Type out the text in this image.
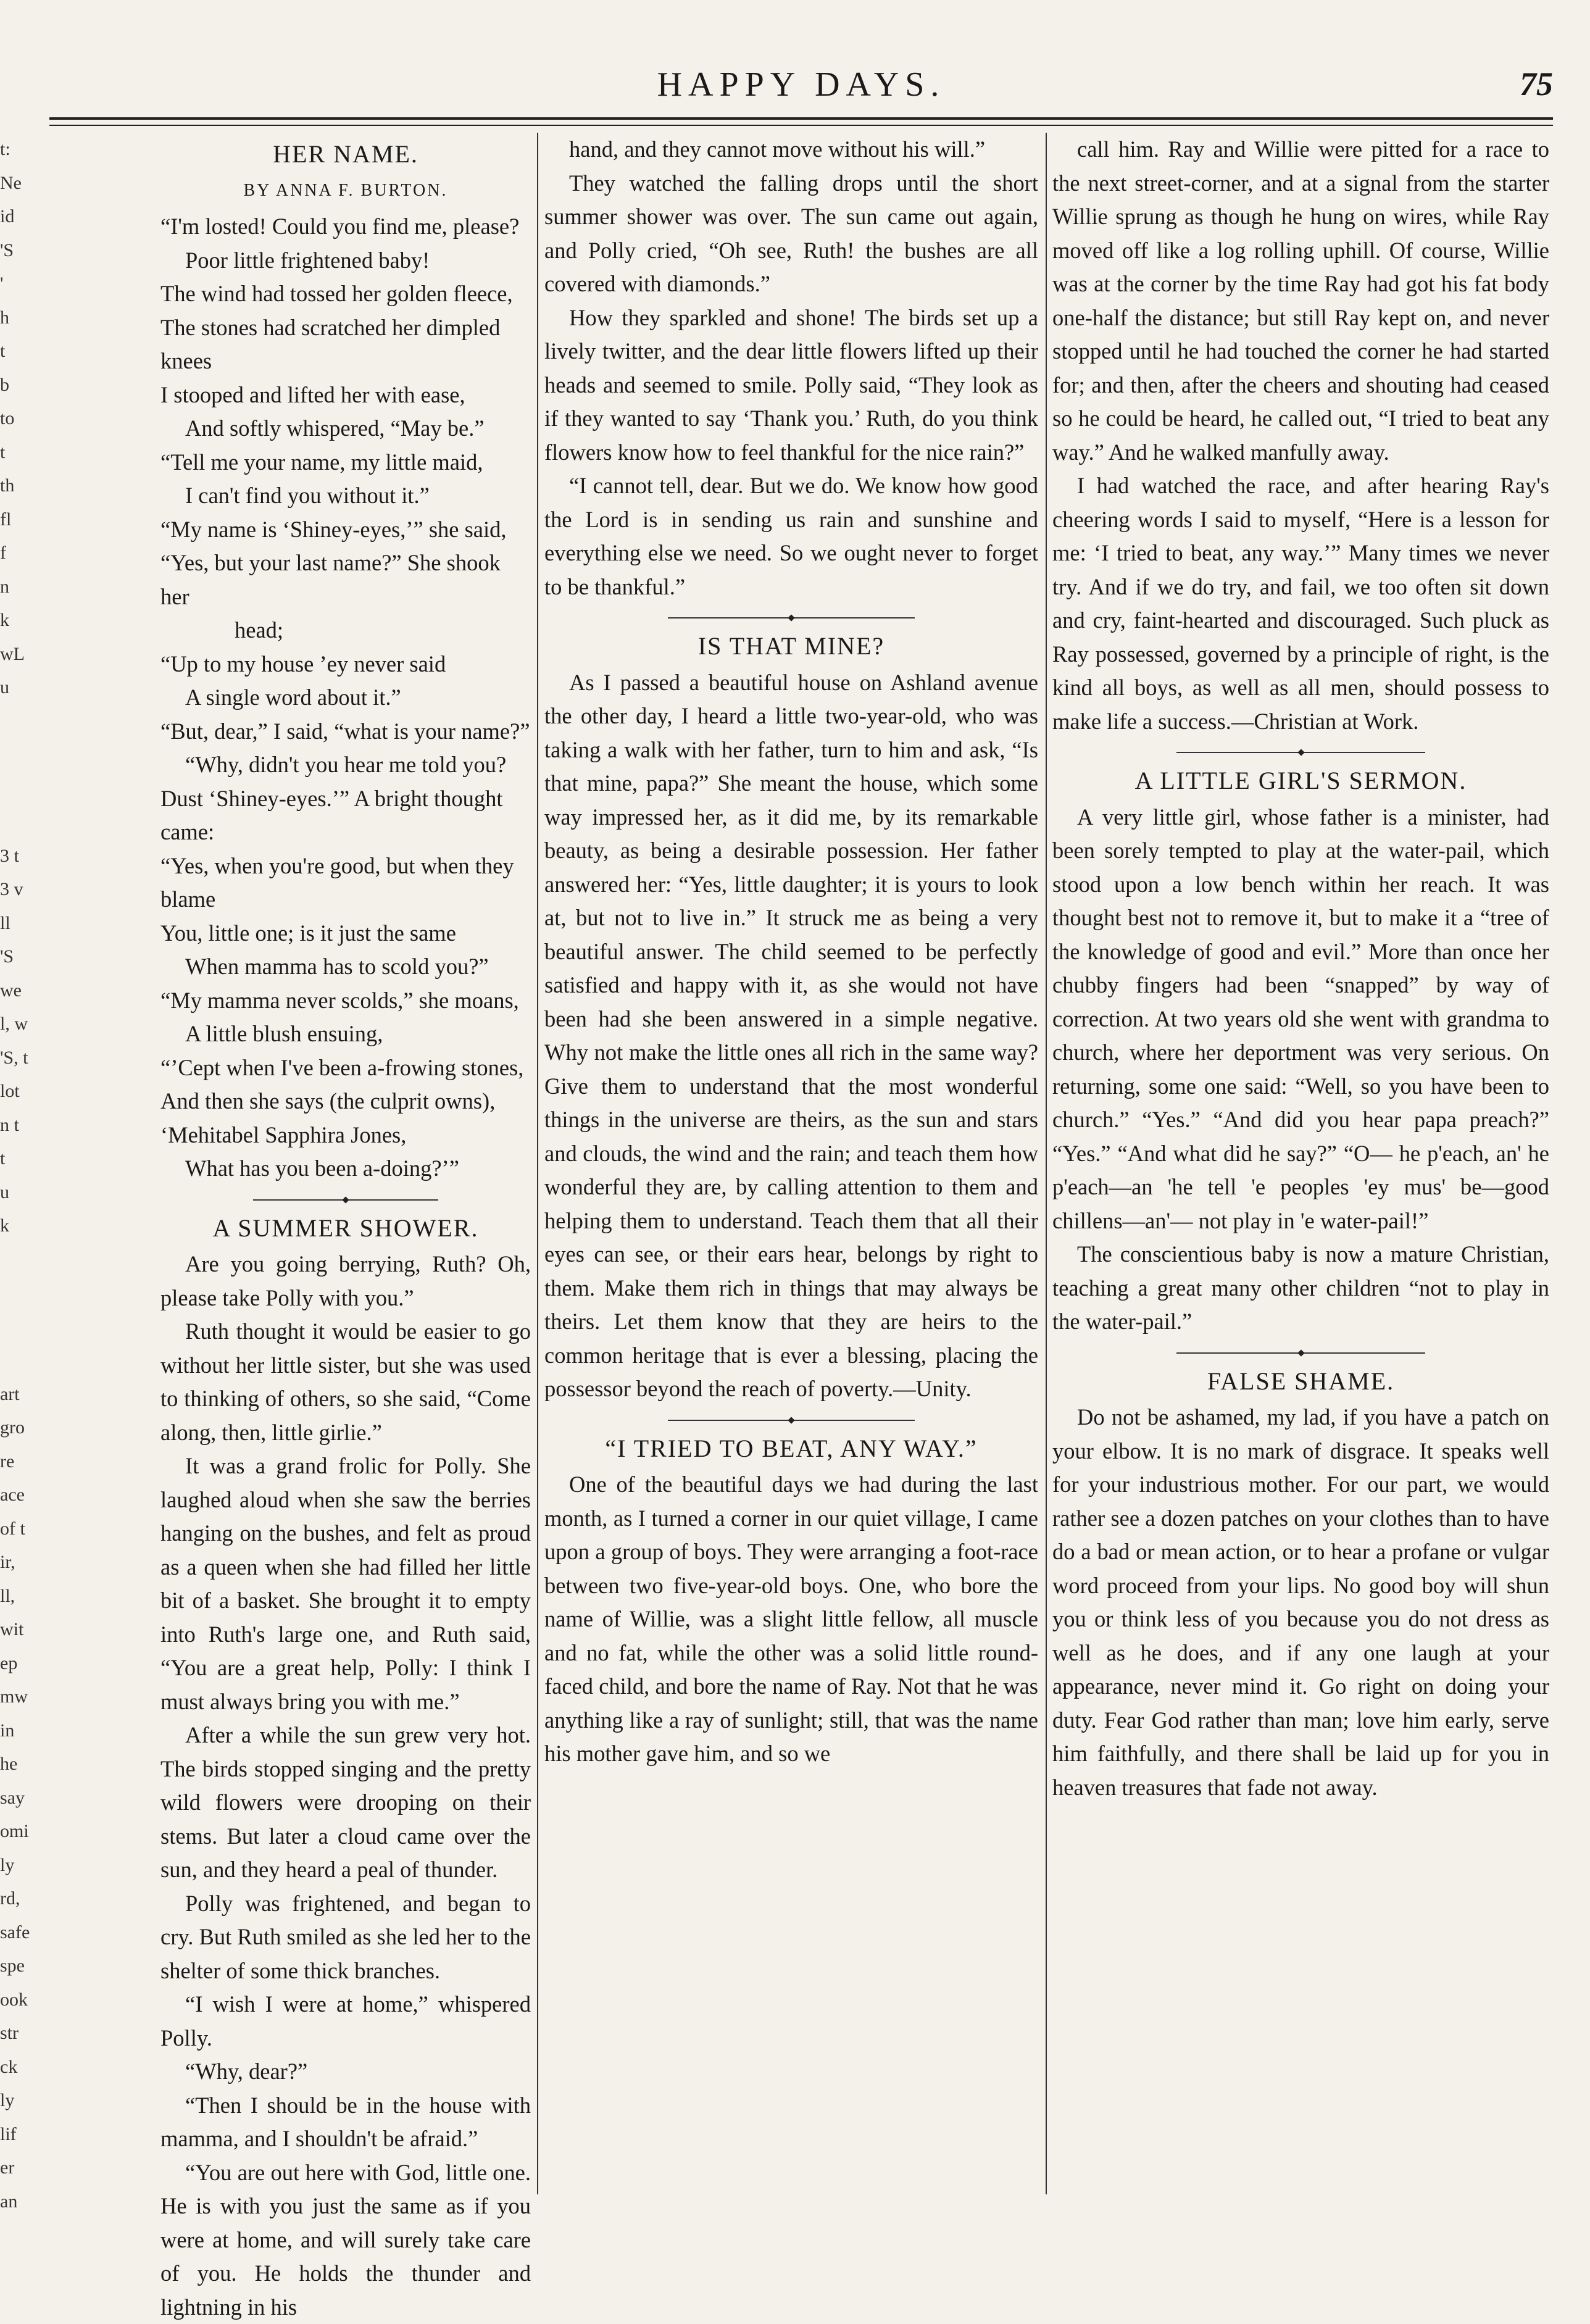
HAPPY DAYS.	75
t:
Ne
id
'S
'
h
t
b
to
t
th
fl
f
n
k
wL
u

3 t
3 v
ll
'S
we
l, w
'S, t
lot
n t
t
u
k

art
gro
re
ace
of t
ir,
ll,
wit
ep
mw
in
he
say
omi
ly
rd,
safe
spe
ook
str
ck
ly
lif
er
an
HER NAME.
BY ANNA F. BURTON.

“I'm losted! Could you find me, please?

Poor little frightened baby!

The wind had tossed her golden fleece,

The stones had scratched her dimpled knees

I stooped and lifted her with ease,

And softly whispered, “May be.”

“Tell me your name, my little maid,

I can't find you without it.”

“My name is ‘Shiney-eyes,’” she said,

“Yes, but your last name?” She shook her

head;

“Up to my house ’ey never said

A single word about it.”

“But, dear,” I said, “what is your name?”

“Why, didn't you hear me told you?

Dust ‘Shiney-eyes.’” A bright thought came:

“Yes, when you're good, but when they blame

You, little one; is it just the same

When mamma has to scold you?”

“My mamma never scolds,” she moans,

A little blush ensuing,

“’Cept when I've been a-frowing stones,

And then she says (the culprit owns),

‘Mehitabel Sapphira Jones,

What has you been a-doing?’”

A SUMMER SHOWER.

Are you going berrying, Ruth? Oh, please take Polly with you.”

Ruth thought it would be easier to go without her little sister, but she was used to thinking of others, so she said, “Come along, then, little girlie.”

It was a grand frolic for Polly. She laughed aloud when she saw the berries hanging on the bushes, and felt as proud as a queen when she had filled her little bit of a basket. She brought it to empty into Ruth's large one, and Ruth said, “You are a great help, Polly: I think I must always bring you with me.”

After a while the sun grew very hot. The birds stopped singing and the pretty wild flowers were drooping on their stems. But later a cloud came over the sun, and they heard a peal of thunder.

Polly was frightened, and began to cry. But Ruth smiled as she led her to the shelter of some thick branches.

“I wish I were at home,” whispered Polly.

“Why, dear?”

“Then I should be in the house with mamma, and I shouldn't be afraid.”

“You are out here with God, little one. He is with you just the same as if you were at home, and will surely take care of you. He holds the thunder and lightning in his

hand, and they cannot move without his will.”

They watched the falling drops until the short summer shower was over. The sun came out again, and Polly cried, “Oh see, Ruth! the bushes are all covered with diamonds.”

How they sparkled and shone! The birds set up a lively twitter, and the dear little flowers lifted up their heads and seemed to smile. Polly said, “They look as if they wanted to say ‘Thank you.’ Ruth, do you think flowers know how to feel thankful for the nice rain?”

“I cannot tell, dear. But we do. We know how good the Lord is in sending us rain and sunshine and everything else we need. So we ought never to forget to be thankful.”

IS THAT MINE?

As I passed a beautiful house on Ashland avenue the other day, I heard a little two-year-old, who was taking a walk with her father, turn to him and ask, “Is that mine, papa?” She meant the house, which some way impressed her, as it did me, by its remarkable beauty, as being a desirable possession. Her father answered her: “Yes, little daughter; it is yours to look at, but not to live in.” It struck me as being a very beautiful answer. The child seemed to be perfectly satisfied and happy with it, as she would not have been had she been answered in a simple negative. Why not make the little ones all rich in the same way? Give them to understand that the most wonderful things in the universe are theirs, as the sun and stars and clouds, the wind and the rain; and teach them how wonderful they are, by calling attention to them and helping them to understand. Teach them that all their eyes can see, or their ears hear, belongs by right to them. Make them rich in things that may always be theirs. Let them know that they are heirs to the common heritage that is ever a blessing, placing the possessor beyond the reach of poverty.—Unity.

“I TRIED TO BEAT, ANY WAY.”

One of the beautiful days we had during the last month, as I turned a corner in our quiet village, I came upon a group of boys. They were arranging a foot-race between two five-year-old boys. One, who bore the name of Willie, was a slight little fellow, all muscle and no fat, while the other was a solid little round-faced child, and bore the name of Ray. Not that he was anything like a ray of sunlight; still, that was the name his mother gave him, and so we

call him. Ray and Willie were pitted for a race to the next street-corner, and at a signal from the starter Willie sprung as though he hung on wires, while Ray moved off like a log rolling uphill. Of course, Willie was at the corner by the time Ray had got his fat body one-half the distance; but still Ray kept on, and never stopped until he had touched the corner he had started for; and then, after the cheers and shouting had ceased so he could be heard, he called out, “I tried to beat any way.” And he walked manfully away.

I had watched the race, and after hearing Ray's cheering words I said to myself, “Here is a lesson for me: ‘I tried to beat, any way.’” Many times we never try. And if we do try, and fail, we too often sit down and cry, faint-hearted and discouraged. Such pluck as Ray possessed, governed by a principle of right, is the kind all boys, as well as all men, should possess to make life a success.—Christian at Work.

A LITTLE GIRL'S SERMON.

A very little girl, whose father is a minister, had been sorely tempted to play at the water-pail, which stood upon a low bench within her reach. It was thought best not to remove it, but to make it a “tree of the knowledge of good and evil.” More than once her chubby fingers had been “snapped” by way of correction. At two years old she went with grandma to church, where her deportment was very serious. On returning, some one said: “Well, so you have been to church.” “Yes.” “And did you hear papa preach?” “Yes.” “And what did he say?” “O— he p'each, an' he p'each—an 'he tell 'e peoples 'ey mus' be—good chillens—an'— not play in 'e water-pail!”

The conscientious baby is now a mature Christian, teaching a great many other children “not to play in the water-pail.”

FALSE SHAME.

Do not be ashamed, my lad, if you have a patch on your elbow. It is no mark of disgrace. It speaks well for your industrious mother. For our part, we would rather see a dozen patches on your clothes than to have do a bad or mean action, or to hear a profane or vulgar word proceed from your lips. No good boy will shun you or think less of you because you do not dress as well as he does, and if any one laugh at your appearance, never mind it. Go right on doing your duty. Fear God rather than man; love him early, serve him faithfully, and there shall be laid up for you in heaven treasures that fade not away.
